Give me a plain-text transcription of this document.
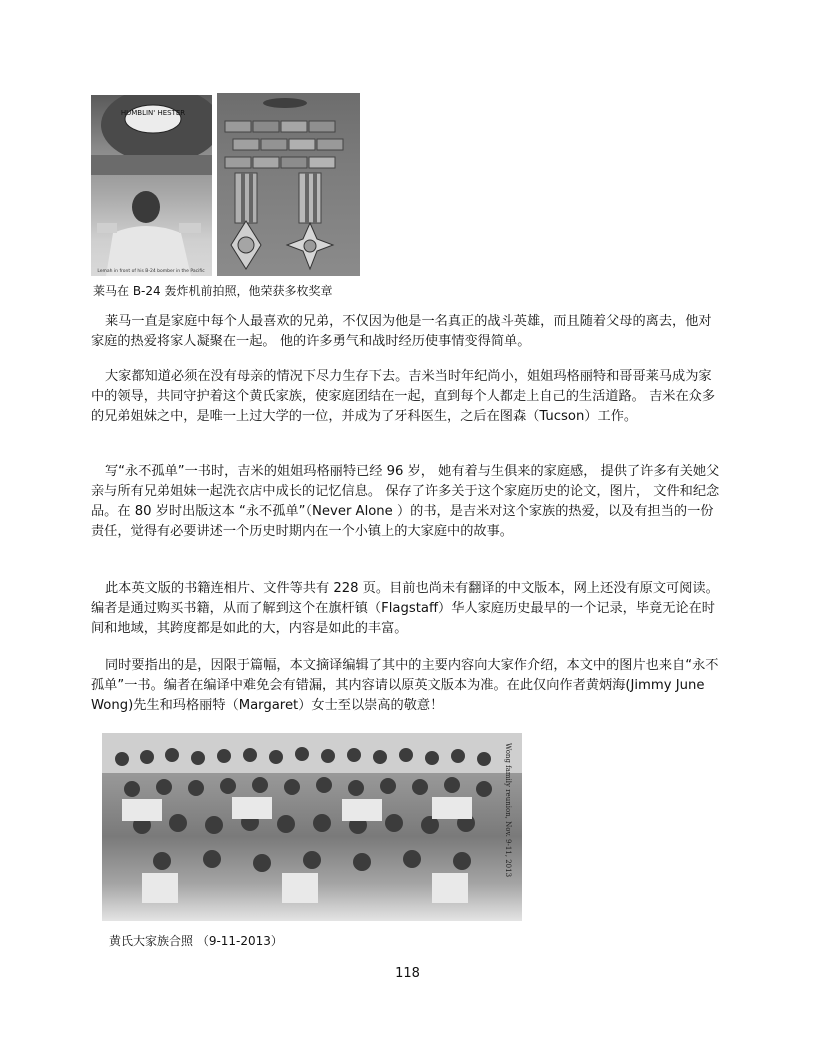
HUMBLIN' HESTER
Lemah in front of his B-24 bomber in the Pacific
莱马在 B-24 轰炸机前拍照，他荣获多枚奖章

莱马一直是家庭中每个人最喜欢的兄弟，不仅因为他是一名真正的战斗英雄，而且随着父母的离去，他对家庭的热爱将家人凝聚在一起。 他的许多勇气和战时经历使事情变得简单。

大家都知道必须在没有母亲的情况下尽力生存下去。吉米当时年纪尚小，姐姐玛格丽特和哥哥莱马成为家中的领导，共同守护着这个黄氏家族，使家庭团结在一起，直到每个人都走上自己的生活道路。 吉米在众多的兄弟姐妹之中，是唯一上过大学的一位，并成为了牙科医生，之后在图森（Tucson）工作。

写“永不孤单”一书时，吉米的姐姐玛格丽特已经 96 岁， 她有着与生俱来的家庭感， 提供了许多有关她父亲与所有兄弟姐妹一起洗衣店中成长的记忆信息。 保存了许多关于这个家庭历史的论文，图片， 文件和纪念品。在 80 岁时出版这本 “永不孤单”（Never Alone ）的书，是吉米对这个家族的热爱，以及有担当的一份责任，觉得有必要讲述一个历史时期内在一个小镇上的大家庭中的故事。

此本英文版的书籍连相片、文件等共有 228 页。目前也尚未有翻译的中文版本，网上还没有原文可阅读。编者是通过购买书籍，从而了解到这个在旗杆镇（Flagstaff）华人家庭历史最早的一个记录，毕竟无论在时间和地域，其跨度都是如此的大，内容是如此的丰富。

同时要指出的是，因限于篇幅，本文摘译编辑了其中的主要内容向大家作介绍，本文中的图片也来自“永不孤单”一书。编者在编译中难免会有错漏，其内容请以原英文版本为准。在此仅向作者黄炳海(Jimmy June Wong)先生和玛格丽特（Margaret）女士至以崇高的敬意！

Wong family reunion, Nov. 9-11, 2013
黄氏大家族合照 （9-11-2013）
118
